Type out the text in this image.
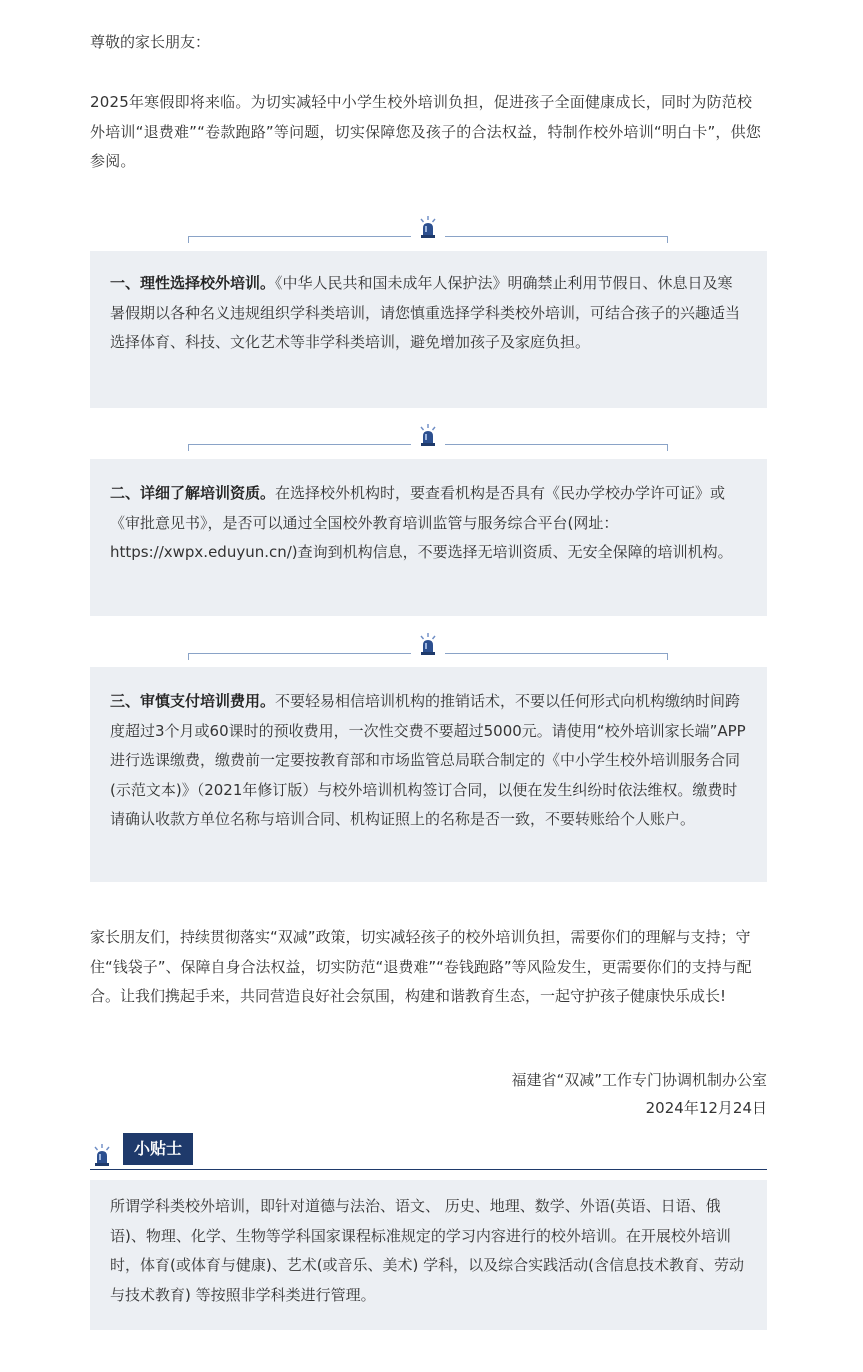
尊敬的家长朋友：
2025年寒假即将来临。为切实减轻中小学生校外培训负担，促进孩子全面健康成长，同时为防范校外培训“退费难”“卷款跑路”等问题，切实保障您及孩子的合法权益，特制作校外培训“明白卡”，供您参阅。

一、理性选择校外培训。《中华人民共和国未成年人保护法》明确禁止利用节假日、休息日及寒暑假期以各种名义违规组织学科类培训，请您慎重选择学科类校外培训，可结合孩子的兴趣适当选择体育、科技、文化艺术等非学科类培训，避免增加孩子及家庭负担。

二、详细了解培训资质。在选择校外机构时，要查看机构是否具有《民办学校办学许可证》或《审批意见书》，是否可以通过全国校外教育培训监管与服务综合平台(网址：https://xwpx.eduyun.cn/)查询到机构信息，不要选择无培训资质、无安全保障的培训机构。

三、审慎支付培训费用。不要轻易相信培训机构的推销话术，不要以任何形式向机构缴纳时间跨度超过3个月或60课时的预收费用，一次性交费不要超过5000元。请使用“校外培训家长端”APP进行选课缴费，缴费前一定要按教育部和市场监管总局联合制定的《中小学生校外培训服务合同(示范文本)》（2021年修订版）与校外培训机构签订合同，以便在发生纠纷时依法维权。缴费时请确认收款方单位名称与培训合同、机构证照上的名称是否一致，不要转账给个人账户。

家长朋友们，持续贯彻落实“双减”政策，切实减轻孩子的校外培训负担，需要你们的理解与支持；守住“钱袋子”、保障自身合法权益，切实防范“退费难”“卷钱跑路”等风险发生，更需要你们的支持与配合。让我们携起手来，共同营造良好社会氛围，构建和谐教育生态，一起守护孩子健康快乐成长!
福建省“双减”工作专门协调机制办公室
2024年12月24日
小贴士

所谓学科类校外培训，即针对道德与法治、语文、 历史、地理、数学、外语(英语、日语、俄语)、物理、化学、生物等学科国家课程标准规定的学习内容进行的校外培训。在开展校外培训时，体育(或体育与健康)、艺术(或音乐、美术) 学科，以及综合实践活动(含信息技术教育、劳动与技术教育) 等按照非学科类进行管理。
